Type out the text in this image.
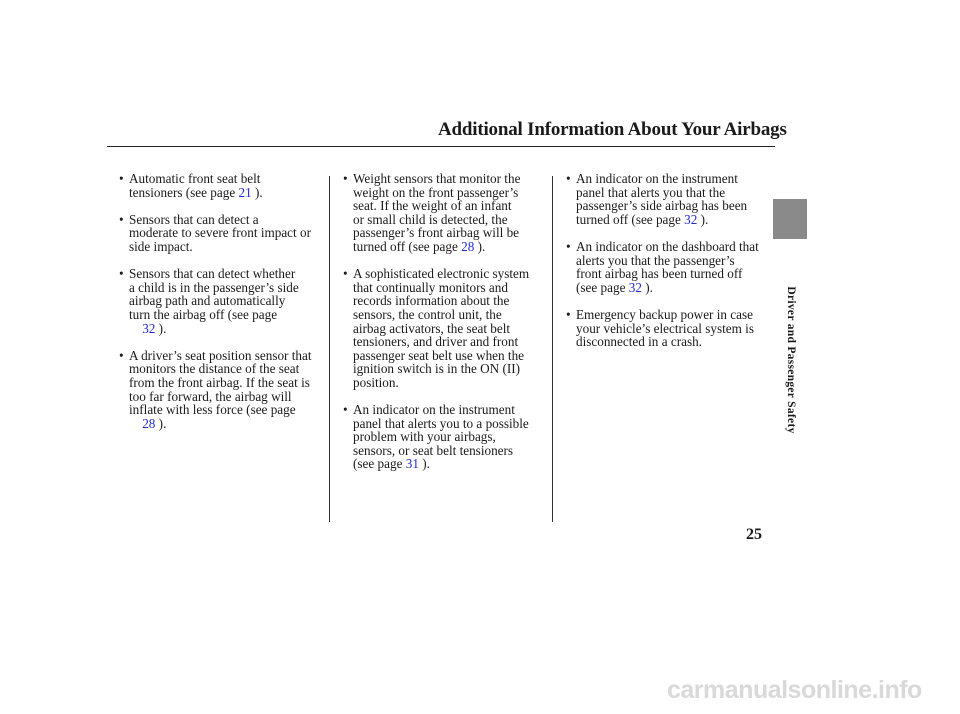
Additional Information About Your Airbags
• Automatic front seat belt
tensioners (see page 21 ).
• Sensors that can detect a
moderate to severe front impact or
side impact.
• Sensors that can detect whether
a child is in the passenger’s side
airbag path and automatically
turn the airbag off (see page
32 ).
• A driver’s seat position sensor that
monitors the distance of the seat
from the front airbag. If the seat is
too far forward, the airbag will
inflate with less force (see page
28 ).
• Weight sensors that monitor the
weight on the front passenger’s
seat. If the weight of an infant
or small child is detected, the
passenger’s front airbag will be
turned off (see page 28 ).
• A sophisticated electronic system
that continually monitors and
records information about the
sensors, the control unit, the
airbag activators, the seat belt
tensioners, and driver and front
passenger seat belt use when the
ignition switch is in the ON (II)
position.
• An indicator on the instrument
panel that alerts you to a possible
problem with your airbags,
sensors, or seat belt tensioners
(see page 31 ).
• An indicator on the instrument
panel that alerts you that the
passenger’s side airbag has been
turned off (see page 32 ).
• An indicator on the dashboard that
alerts you that the passenger’s
front airbag has been turned off
(see page 32 ).
• Emergency backup power in case
your vehicle’s electrical system is
disconnected in a crash.	Driver and Passenger Safety
25
carmanualsonline.info
